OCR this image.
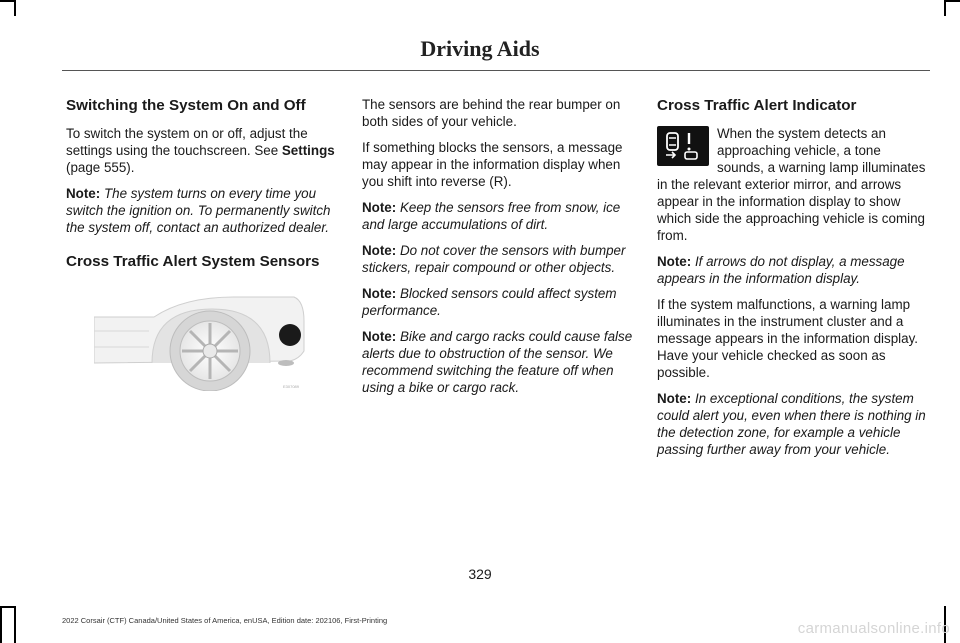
Driving Aids
Switching the System On and Off

To switch the system on or off, adjust the settings using the touchscreen. See Settings (page 555).

Note: The system turns on every time you switch the ignition on. To permanently switch the system off, contact an authorized dealer.

Cross Traffic Alert System Sensors
E307089

The sensors are behind the rear bumper on both sides of your vehicle.

If something blocks the sensors, a message may appear in the information display when you shift into reverse (R).

Note: Keep the sensors free from snow, ice and large accumulations of dirt.

Note: Do not cover the sensors with bumper stickers, repair compound or other objects.

Note: Blocked sensors could affect system performance.

Note: Bike and cargo racks could cause false alerts due to obstruction of the sensor. We recommend switching the feature off when using a bike or cargo rack.

Cross Traffic Alert Indicator

When the system detects an approaching vehicle, a tone sounds, a warning lamp illuminates in the relevant exterior mirror, and arrows appear in the information display to show which side the approaching vehicle is coming from.

Note: If arrows do not display, a message appears in the information display.

If the system malfunctions, a warning lamp illuminates in the instrument cluster and a message appears in the information display. Have your vehicle checked as soon as possible.

Note: In exceptional conditions, the system could alert you, even when there is nothing in the detection zone, for example a vehicle passing further away from your vehicle.

329
2022 Corsair (CTF) Canada/United States of America, enUSA, Edition date: 202106, First-Printing	carmanualsonline.info
